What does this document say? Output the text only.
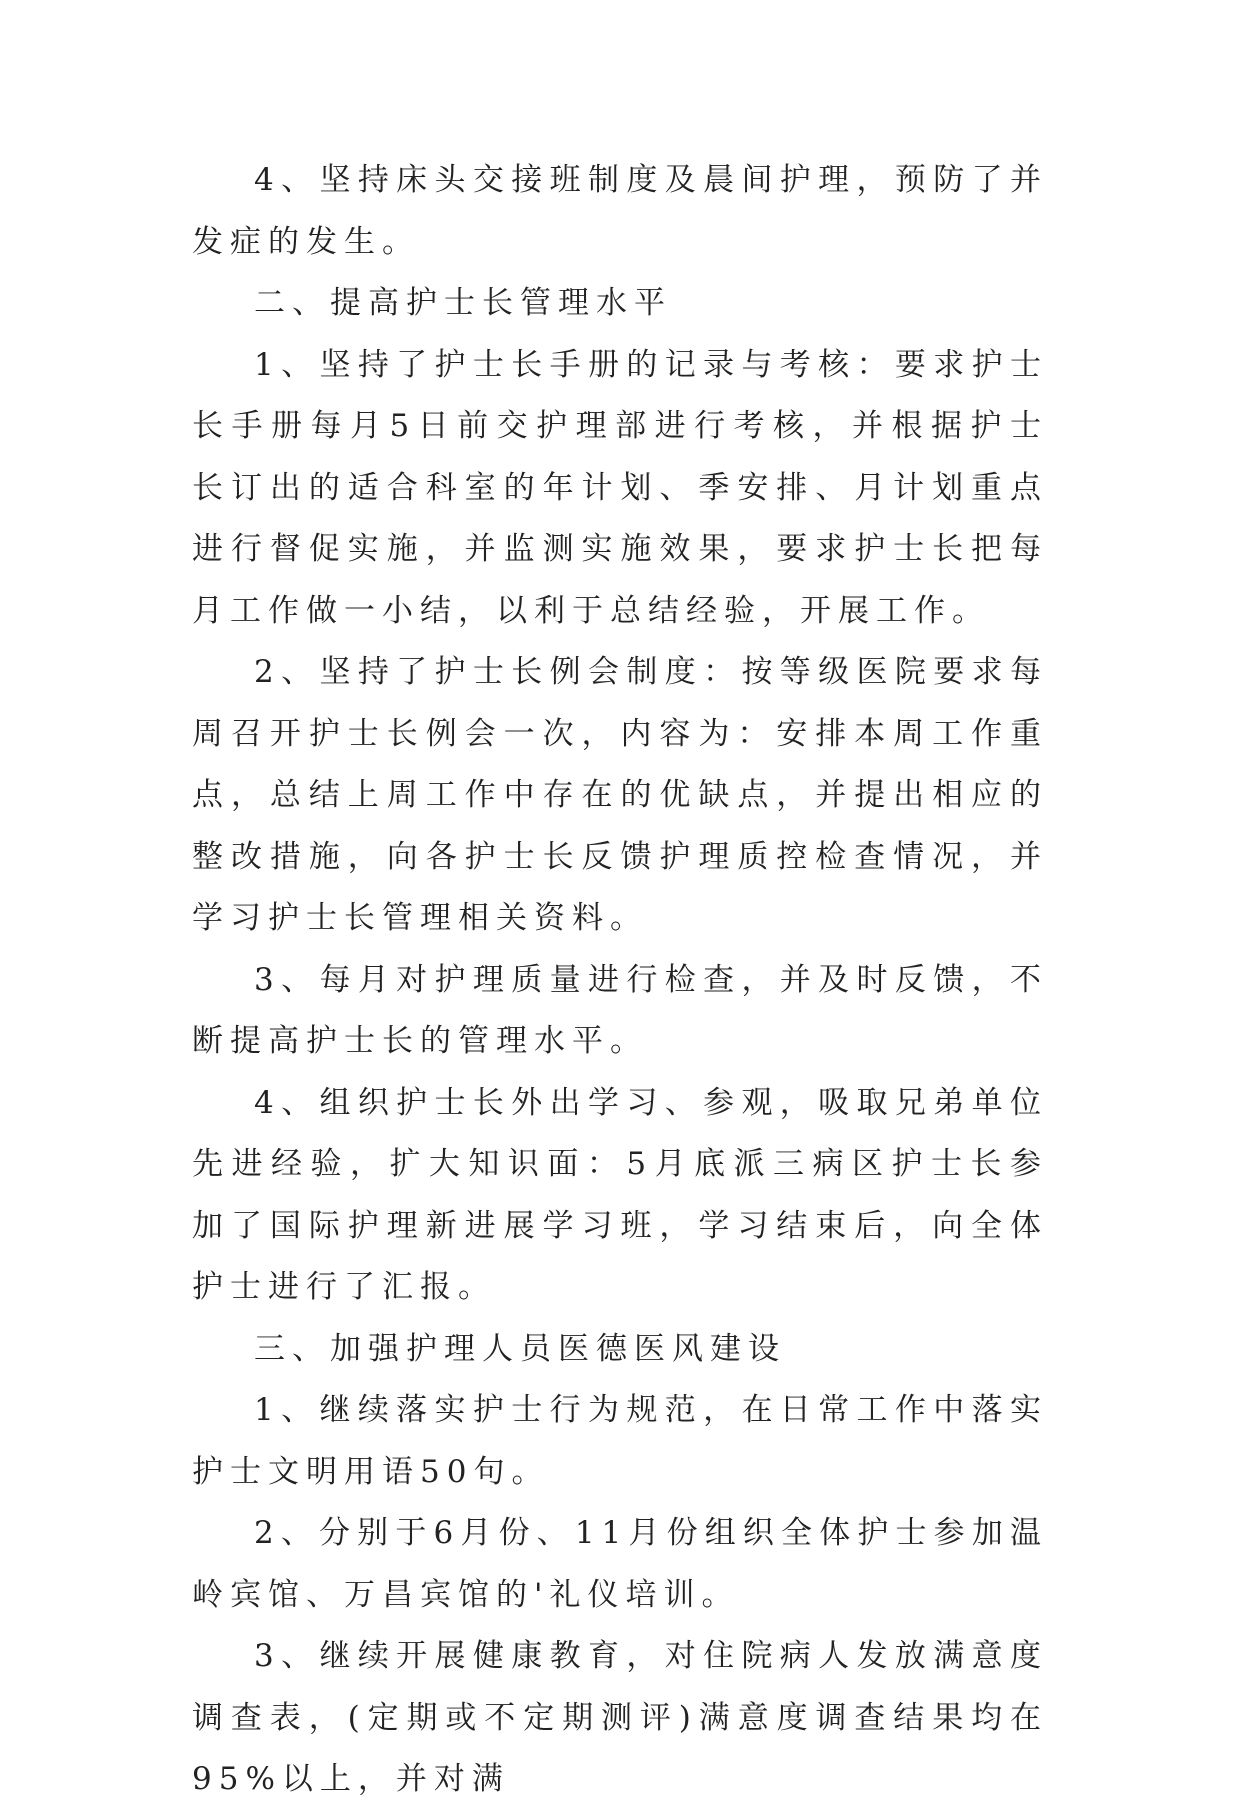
4、坚持床头交接班制度及晨间护理，预防了并发症的发生。

二、提高护士长管理水平

1、坚持了护士长手册的记录与考核：要求护士长手册每月5日前交护理部进行考核，并根据护士长订出的适合科室的年计划、季安排、月计划重点进行督促实施，并监测实施效果，要求护士长把每月工作做一小结，以利于总结经验，开展工作。

2、坚持了护士长例会制度：按等级医院要求每周召开护士长例会一次，内容为：安排本周工作重点，总结上周工作中存在的优缺点，并提出相应的整改措施，向各护士长反馈护理质控检查情况，并学习护士长管理相关资料。

3、每月对护理质量进行检查，并及时反馈，不断提高护士长的管理水平。

4、组织护士长外出学习、参观，吸取兄弟单位先进经验，扩大知识面：5月底派三病区护士长参加了国际护理新进展学习班，学习结束后，向全体护士进行了汇报。

三、加强护理人员医德医风建设

1、继续落实护士行为规范，在日常工作中落实护士文明用语50句。

2、分别于6月份、11月份组织全体护士参加温岭宾馆、万昌宾馆的'礼仪培训。

3、继续开展健康教育，对住院病人发放满意度调查表，(定期或不定期测评)满意度调查结果均在95%以上，并对满
